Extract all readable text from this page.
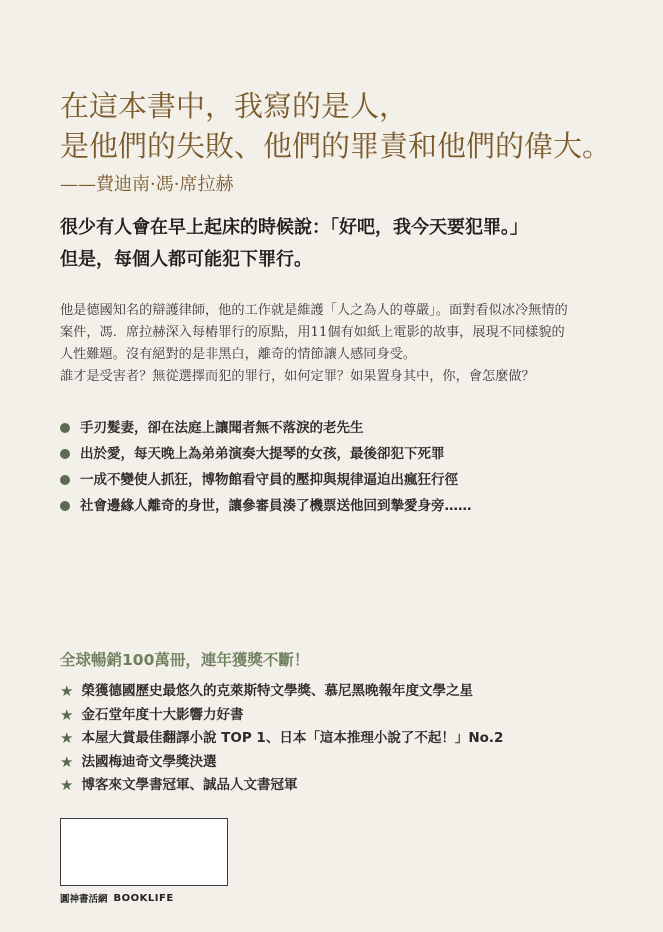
在這本書中，我寫的是人，
是他們的失敗、他們的罪責和他們的偉大。
——費迪南·馮·席拉赫
很少有人會在早上起床的時候說：「好吧，我今天要犯罪。」
但是，每個人都可能犯下罪行。

他是德國知名的辯護律師，他的工作就是維護「人之為人的尊嚴」。面對看似冰冷無情的

案件，馮．席拉赫深入每樁罪行的原點，用11個有如紙上電影的故事，展現不同樣貌的

人性難題。沒有絕對的是非黑白，離奇的情節讓人感同身受。

誰才是受害者？無從選擇而犯的罪行，如何定罪？如果置身其中，你，會怎麼做？

手刃髮妻，卻在法庭上讓聞者無不落淚的老先生
出於愛，每天晚上為弟弟演奏大提琴的女孩，最後卻犯下死罪
一成不變使人抓狂，博物館看守員的壓抑與規律逼迫出瘋狂行徑
社會邊緣人離奇的身世，讓參審員湊了機票送他回到摯愛身旁……
全球暢銷100萬冊，連年獲獎不斷！
★ 榮獲德國歷史最悠久的克萊斯特文學獎、慕尼黑晚報年度文學之星
★ 金石堂年度十大影響力好書
★ 本屋大賞最佳翻譯小說 TOP 1、日本「這本推理小說了不起！」No.2
★ 法國梅迪奇文學獎決選
★ 博客來文學書冠軍、誠品人文書冠軍
圓神書活網 BOOKLIFE
